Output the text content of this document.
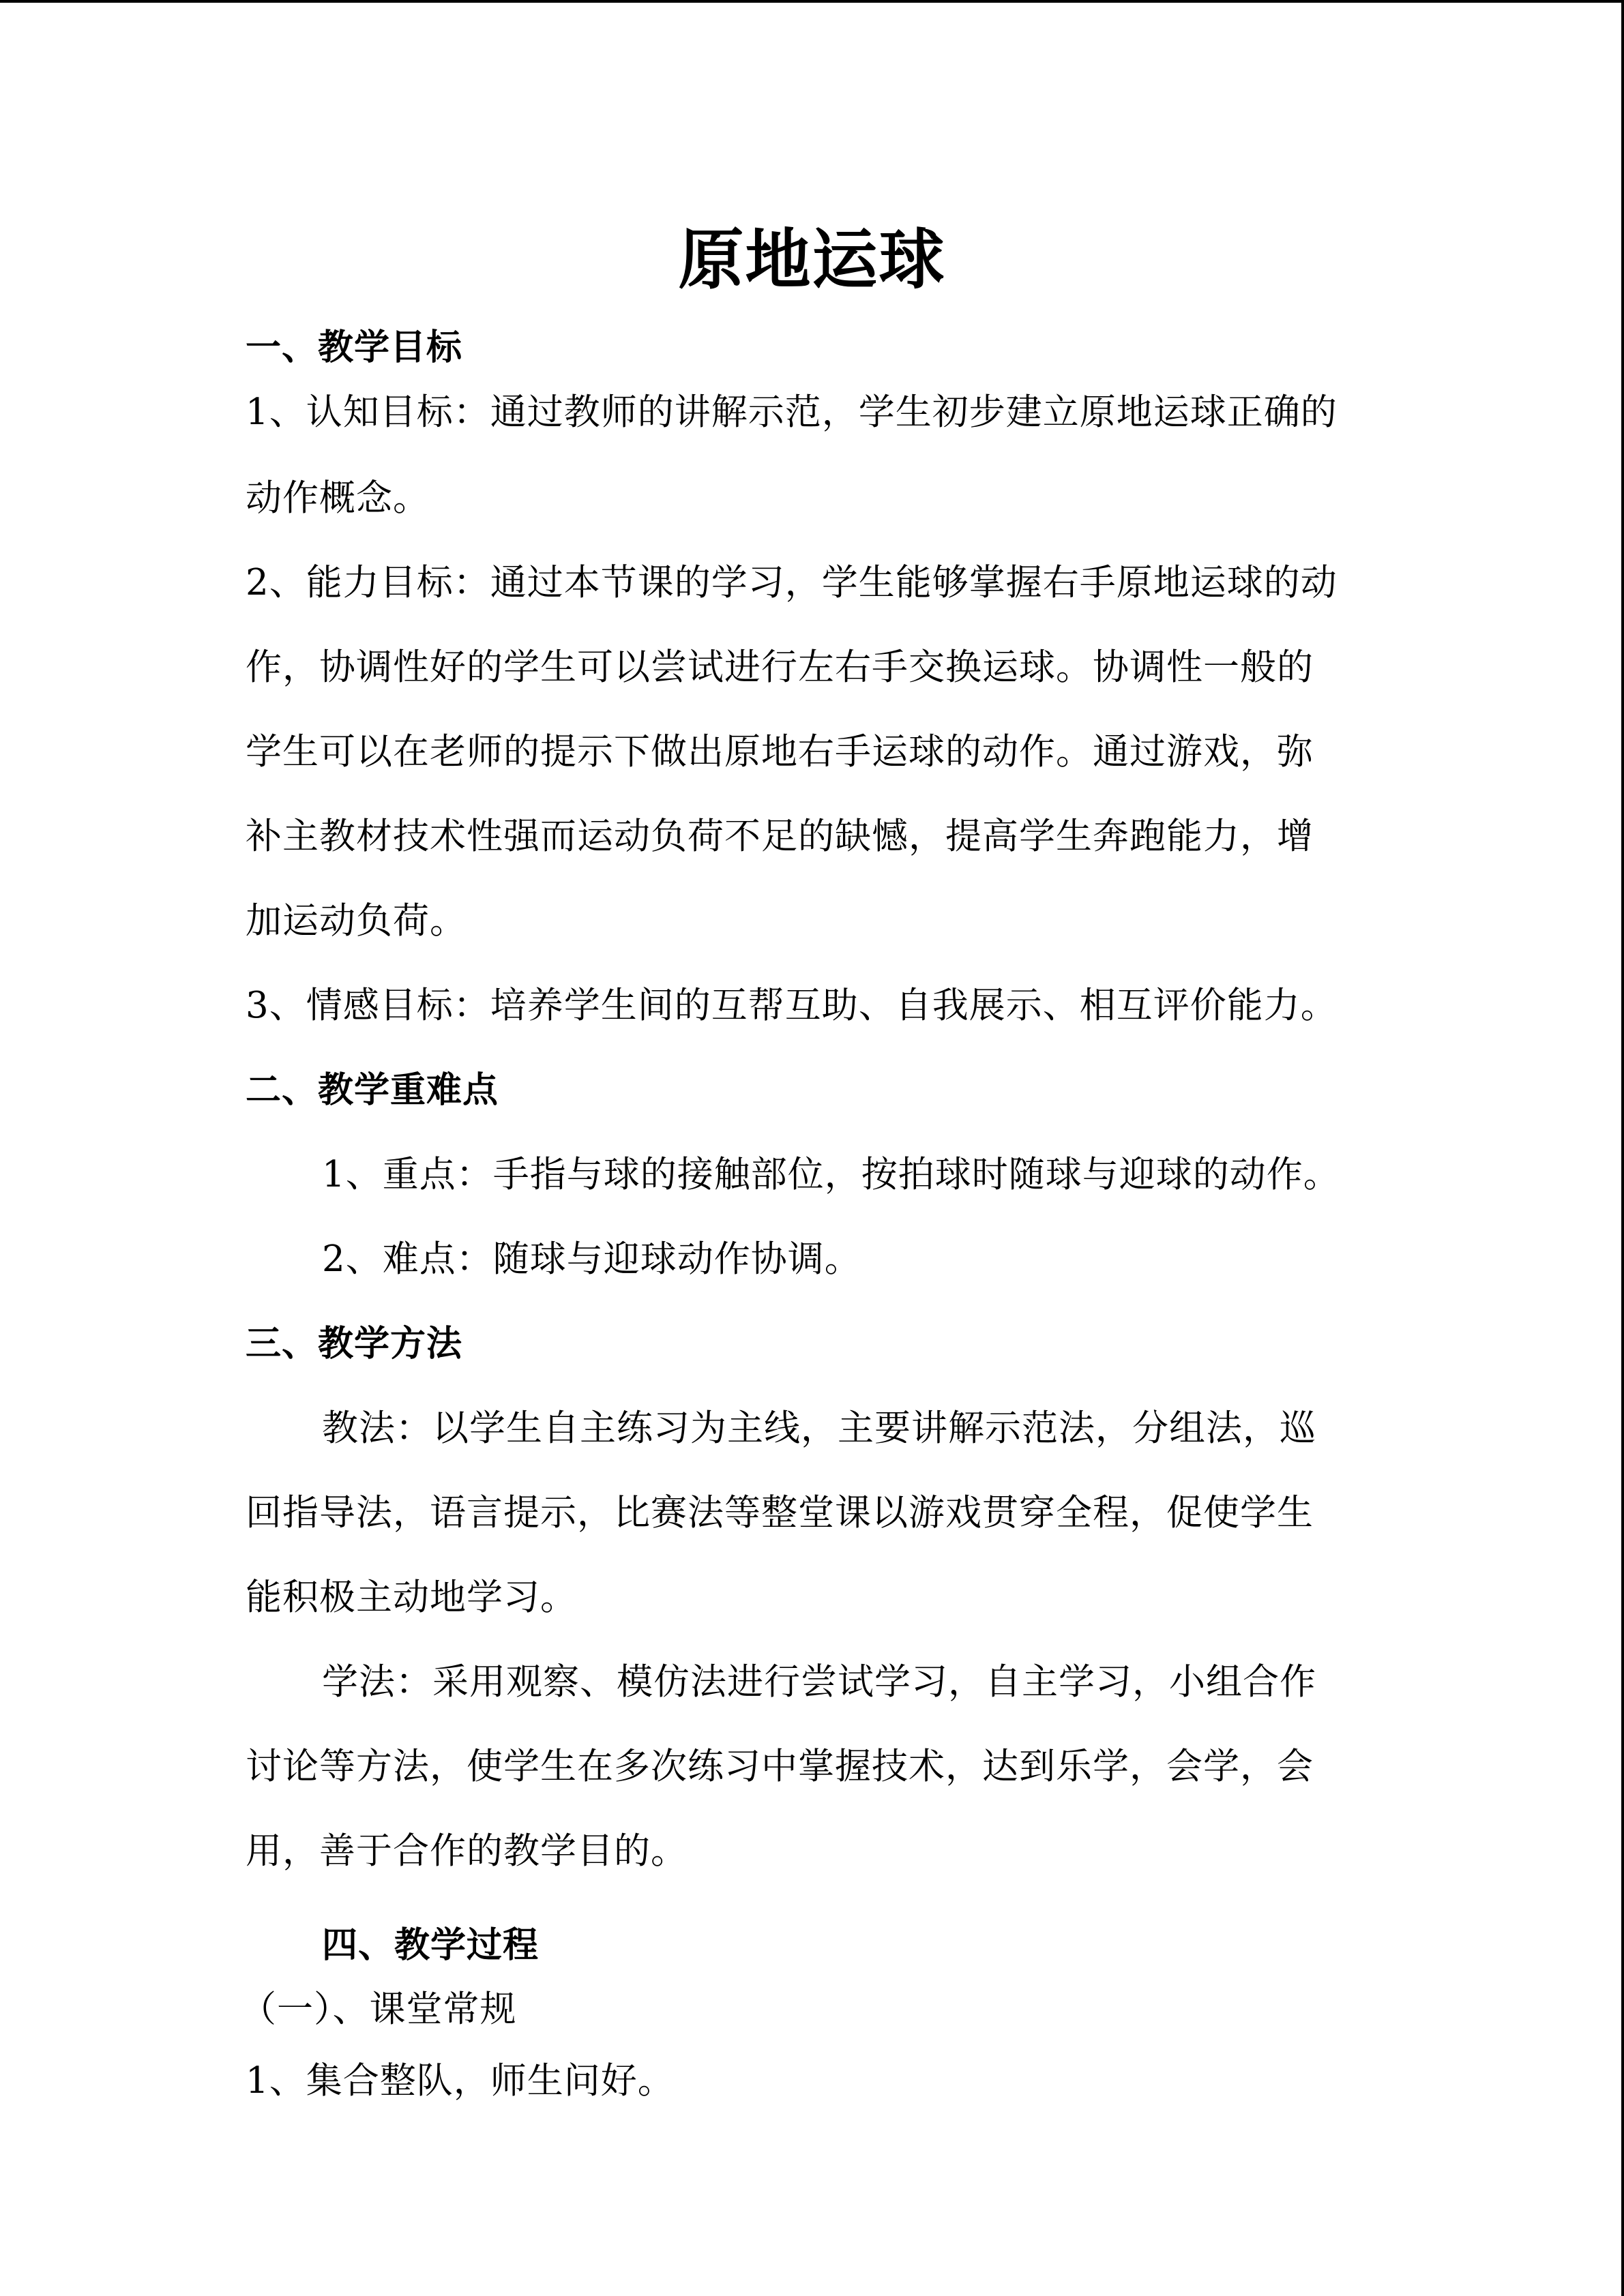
原地运球
一、教学目标
1、认知目标：通过教师的讲解示范，学生初步建立原地运球正确的
动作概念。
2、能力目标：通过本节课的学习，学生能够掌握右手原地运球的动
作，协调性好的学生可以尝试进行左右手交换运球。协调性一般的
学生可以在老师的提示下做出原地右手运球的动作。通过游戏，弥
补主教材技术性强而运动负荷不足的缺憾，提高学生奔跑能力，增
加运动负荷。
3、情感目标：培养学生间的互帮互助、自我展示、相互评价能力。
二、教学重难点
1、重点：手指与球的接触部位，按拍球时随球与迎球的动作。
2、难点：随球与迎球动作协调。
三、教学方法
教法：以学生自主练习为主线，主要讲解示范法，分组法，巡
回指导法，语言提示，比赛法等整堂课以游戏贯穿全程，促使学生
能积极主动地学习。
学法：采用观察、模仿法进行尝试学习，自主学习，小组合作
讨论等方法，使学生在多次练习中掌握技术，达到乐学，会学，会
用，善于合作的教学目的。
四、教学过程
（一）、课堂常规
1、集合整队，师生问好。
